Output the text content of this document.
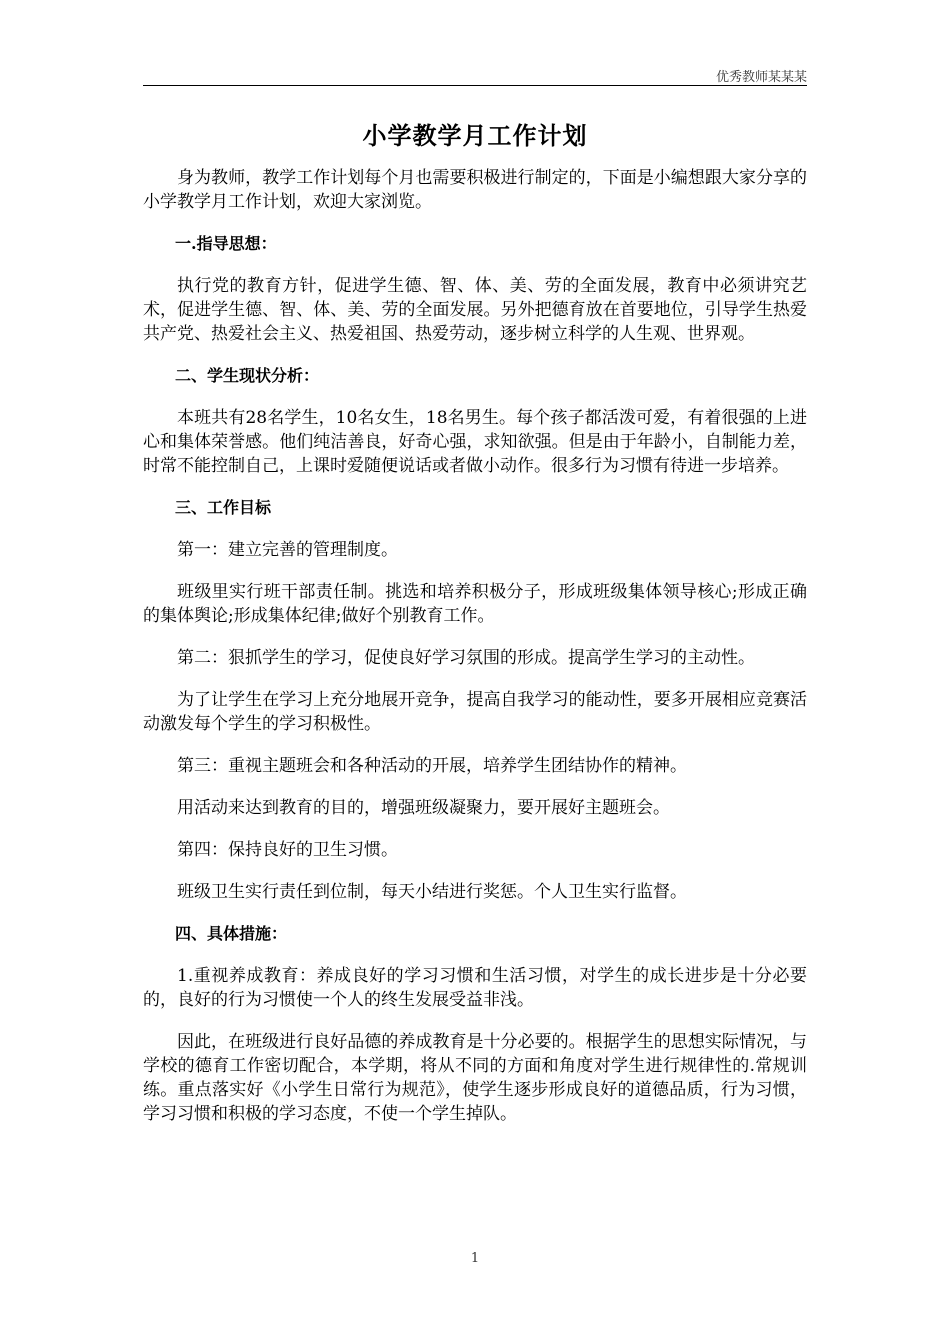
优秀教师某某某
小学教学月工作计划

身为教师，教学工作计划每个月也需要积极进行制定的，下面是小编想跟大家分享的小学教学月工作计划，欢迎大家浏览。

一.指导思想：

执行党的教育方针，促进学生德、智、体、美、劳的全面发展，教育中必须讲究艺术，促进学生德、智、体、美、劳的全面发展。另外把德育放在首要地位，引导学生热爱共产党、热爱社会主义、热爱祖国、热爱劳动，逐步树立科学的人生观、世界观。

二、学生现状分析：

本班共有28名学生，10名女生，18名男生。每个孩子都活泼可爱，有着很强的上进心和集体荣誉感。他们纯洁善良，好奇心强，求知欲强。但是由于年龄小，自制能力差，时常不能控制自己，上课时爱随便说话或者做小动作。很多行为习惯有待进一步培养。

三、工作目标

第一：建立完善的管理制度。

班级里实行班干部责任制。挑选和培养积极分子，形成班级集体领导核心;形成正确的集体舆论;形成集体纪律;做好个别教育工作。

第二：狠抓学生的学习，促使良好学习氛围的形成。提高学生学习的主动性。

为了让学生在学习上充分地展开竞争，提高自我学习的能动性，要多开展相应竞赛活动激发每个学生的学习积极性。

第三：重视主题班会和各种活动的开展，培养学生团结协作的精神。

用活动来达到教育的目的，增强班级凝聚力，要开展好主题班会。

第四：保持良好的卫生习惯。

班级卫生实行责任到位制，每天小结进行奖惩。个人卫生实行监督。

四、具体措施：

1.重视养成教育：养成良好的学习习惯和生活习惯，对学生的成长进步是十分必要的，良好的行为习惯使一个人的终生发展受益非浅。

因此，在班级进行良好品德的养成教育是十分必要的。根据学生的思想实际情况，与学校的德育工作密切配合，本学期，将从不同的方面和角度对学生进行规律性的.常规训练。重点落实好《小学生日常行为规范》，使学生逐步形成良好的道德品质，行为习惯，学习习惯和积极的学习态度，不使一个学生掉队。

1
